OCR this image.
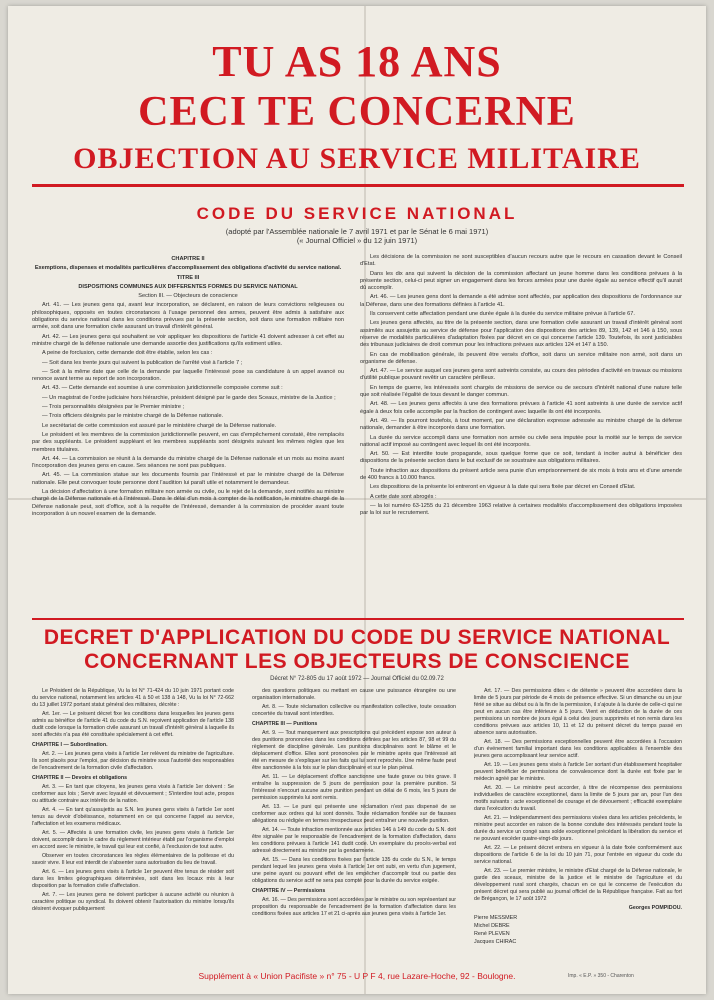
TU AS 18 ANS
CECI TE CONCERNE
OBJECTION AU SERVICE MILITAIRE
CODE DU SERVICE NATIONAL
(adopté par l'Assemblée nationale le 7 avril 1971 et par le Sénat le 6 mai 1971)
(« Journal Officiel » du 12 juin 1971)

CHAPITRE II

Exemptions, dispenses et modalités particulières d'accomplissement des obligations d'activité du service national.

TITRE III

DISPOSITIONS COMMUNES AUX DIFFERENTES FORMES DU SERVICE NATIONAL

Section III. — Objecteurs de conscience

Art. 41. — Les jeunes gens qui, avant leur incorporation, se déclarent, en raison de leurs convictions religieuses ou philosophiques, opposés en toutes circonstances à l'usage personnel des armes, peuvent être admis à satisfaire aux obligations du service national dans les conditions prévues par la présente section, soit dans une formation militaire non armée, soit dans une formation civile assurant un travail d'intérêt général.

Art. 42. — Les jeunes gens qui souhaitent se voir appliquer les dispositions de l'article 41 doivent adresser à cet effet au ministre chargé de la défense nationale une demande assortie des justifications qu'ils estiment utiles.

A peine de forclusion, cette demande doit être établie, selon les cas :

— Soit dans les trente jours qui suivent la publication de l'arrêté visé à l'article 7 ;

— Soit à la même date que celle de la demande par laquelle l'intéressé pose sa candidature à un appel avancé ou renonce avant terme au report de son incorporation.

Art. 43. — Cette demande est soumise à une commission juridictionnelle composée comme suit :

— Un magistrat de l'ordre judiciaire hors hiérarchie, président désigné par le garde des Sceaux, ministre de la Justice ;

— Trois personnalités désignées par le Premier ministre ;

— Trois officiers désignés par le ministre chargé de la Défense nationale.

Le secrétariat de cette commission est assuré par le ministère chargé de la Défense nationale.

Le président et les membres de la commission juridictionnelle peuvent, en cas d'empêchement constaté, être remplacés par des suppléants. Le président suppléant et les membres suppléants sont désignés suivant les mêmes règles que les membres titulaires.

Art. 44. — La commission se réunit à la demande du ministre chargé de la Défense nationale et un mois au moins avant l'incorporation des jeunes gens en cause. Ses séances ne sont pas publiques.

Art. 45. — La commission statue sur les documents fournis par l'intéressé et par le ministre chargé de la Défense nationale. Elle peut convoquer toute personne dont l'audition lui paraît utile et notamment le demandeur.

La décision d'affectation à une formation militaire non armée ou civile, ou le rejet de la demande, sont notifiés au ministre chargé de la Défense nationale et à l'intéressé. Dans le délai d'un mois à compter de la notification, le ministre chargé de la Défense nationale peut, soit d'office, soit à la requête de l'intéressé, demander à la commission de procéder avant toute incorporation à un nouvel examen de la demande.

Les décisions de la commission ne sont susceptibles d'aucun recours autre que le recours en cassation devant le Conseil d'Etat.

Dans les dix ans qui suivent la décision de la commission affectant un jeune homme dans les conditions prévues à la présente section, celui-ci peut signer un engagement dans les forces armées pour une durée égale au service effectif qu'il aurait dû accomplir.

Art. 46. — Les jeunes gens dont la demande a été admise sont affectés, par application des dispositions de l'ordonnance sur la Défense, dans une des formations définies à l'article 41.

Ils conservent cette affectation pendant une durée égale à la durée du service militaire prévue à l'article 67.

Les jeunes gens affectés, au titre de la présente section, dans une formation civile assurant un travail d'intérêt général sont assimilés aux assujettis au service de défense pour l'application des dispositions des articles 89, 139, 142 et 146 à 150, sous réserve de modalités particulières d'adaptation fixées par décret en ce qui concerne l'article 139. Toutefois, ils sont justiciables des tribunaux judiciaires de droit commun pour les infractions prévues aux articles 124 et 147 à 150.

En cas de mobilisation générale, ils peuvent être versés d'office, soit dans un service militaire non armé, soit dans un organisme de défense.

Art. 47. — Le service auquel ces jeunes gens sont astreints consiste, au cours des périodes d'activité en travaux ou missions d'utilité publique pouvant revêtir un caractère périlleux.

En temps de guerre, les intéressés sont chargés de missions de service ou de secours d'intérêt national d'une nature telle que soit réalisée l'égalité de tous devant le danger commun.

Art. 48. — Les jeunes gens affectés à une des formations prévues à l'article 41 sont astreints à une durée de service actif égale à deux fois celle accomplie par la fraction de contingent avec laquelle ils ont été incorporés.

Art. 49. — Ils pourront toutefois, à tout moment, par une déclaration expresse adressée au ministre chargé de la défense nationale, demander à être incorporés dans une formation.

La durée du service accompli dans une formation non armée ou civile sera imputée pour la moitié sur le temps de service national actif imposé au contingent avec lequel ils ont été incorporés.

Art. 50. — Est interdite toute propagande, sous quelque forme que ce soit, tendant à inciter autrui à bénéficier des dispositions de la présente section dans le but exclusif de se soustraire aux obligations militaires.

Toute infraction aux dispositions du présent article sera punie d'un emprisonnement de six mois à trois ans et d'une amende de 400 francs à 10.000 francs.

Les dispositions de la présente loi entreront en vigueur à la date qui sera fixée par décret en Conseil d'Etat.

A cette date sont abrogés :

— la loi numéro 63-1255 du 21 décembre 1963 relative à certaines modalités d'accomplissement des obligations imposées par la loi sur le recrutement.

DECRET D'APPLICATION DU CODE DU SERVICE NATIONAL
CONCERNANT LES OBJECTEURS DE CONSCIENCE
Décret N° 72-805 du 17 août 1972 — Journal Officiel du 02.09.72

Le Président de la République, Vu la loi N° 71-424 du 10 juin 1971 portant code du service national, notamment les articles 41 à 50 et 138 à 148, Vu la loi N° 72-662 du 13 juillet 1972 portant statut général des militaires, décrète :

Art. 1er. — Le présent décret fixe les conditions dans lesquelles les jeunes gens admis au bénéfice de l'article 41 du code du S.N. reçoivent application de l'article 138 dudit code lorsque la formation civile assurant un travail d'intérêt général à laquelle ils sont affectés n'a pas été constituée spécialement à cet effet.

CHAPITRE I — Subordination.

Art. 2. — Les jeunes gens visés à l'article 1er relèvent du ministre de l'agriculture. Ils sont placés pour l'emploi, par décision du ministre sous l'autorité des responsables de l'encadrement de la formation civile d'affectation.

CHAPITRE II — Devoirs et obligations

Art. 3. — En tant que citoyens, les jeunes gens visés à l'article 1er doivent : Se conformer aux lois ; Servir avec loyauté et dévouement ; S'interdire tout acte, propos ou attitude contraire aux intérêts de la nation.

Art. 4. — En tant qu'assujettis au S.N. les jeunes gens visés à l'article 1er sont tenus au devoir d'obéissance, notamment en ce qui concerne l'appel au service, l'affectation et les examens médicaux.

Art. 5. — Affectés à une formation civile, les jeunes gens visés à l'article 1er doivent, accomplir dans le cadre du règlement intérieur établi par l'organisme d'emploi en accord avec le ministre, le travail qui leur est confié, à l'exclusion de tout autre.

Observer en toutes circonstances les règles élémentaires de la politesse et du savoir vivre. Il leur est interdit de s'absenter sans autorisation du lieu de travail.

Art. 6. — Les jeunes gens visés à l'article 1er peuvent être tenus de résider soit dans les limites géographiques déterminées, soit dans les locaux mis à leur disposition par la formation civile d'affectation.

Art. 7. — Les jeunes gens ne doivent participer à aucune activité ou réunion à caractère politique ou syndical. Ils doivent obtenir l'autorisation du ministre lorsqu'ils désirent évoquer publiquement

des questions politiques ou mettant en cause une puissance étrangère ou une organisation internationale.

Art. 8. — Toute réclamation collective ou manifestation collective, toute cessation concertée du travail sont interdites.

CHAPITRE III — Punitions

Art. 9. — Tout manquement aux prescriptions qui précèdent expose son auteur à des punitions prononcées dans les conditions définies par les articles 87, 98 et 99 du règlement de discipline générale. Les punitions disciplinaires sont le blâme et le déplacement d'office. Elles sont prononcées par le ministre après que l'intéressé ait été en mesure de s'expliquer sur les faits qui lui sont reprochés. Une même faute peut être sanctionnée à la fois sur le plan disciplinaire et sur le plan pénal.

Art. 11. — Le déplacement d'office sanctionne une faute grave ou très grave. Il entraîne la suppression de 5 jours de permission pour la première punition. Si l'intéressé n'encourt aucune autre punition pendant un délai de 6 mois, les 5 jours de permission supprimés lui sont remis.

Art. 13. — Le puni qui présente une réclamation n'est pas dispensé de se conformer aux ordres qui lui sont donnés. Toute réclamation fondée sur de fausses allégations ou rédigée en termes irrespectueux peut entraîner une nouvelle punition.

Art. 14. — Toute infraction mentionnée aux articles 146 à 149 du code du S.N. doit être signalée par le responsable de l'encadrement de la formation d'affectation, dans les conditions prévues à l'article 141 dudit code. Un exemplaire du procès-verbal est adressé directement au ministre par la gendarmerie.

Art. 15. — Dans les conditions fixées par l'article 135 du code du S.N., le temps pendant lequel les jeunes gens visés à l'article 1er ont subi, en vertu d'un jugement, une peine ayant ou pouvant effet de les empêcher d'accomplir tout ou partie des obligations du service actif ne sera pas compté pour la durée du service exigée.

CHAPITRE IV — Permissions

Art. 16. — Des permissions sont accordées par le ministre ou son représentant sur proposition du responsable de l'encadrement de la formation d'affectation dans les conditions fixées aux articles 17 et 21 ci-après aux jeunes gens visés à l'article 1er.

Art. 17. — Des permissions dites « de détente » peuvent être accordées dans la limite de 5 jours par période de 4 mois de présence effective. Si un dimanche ou un jour férié se situe au début ou à la fin de la permission, il s'ajoute à la durée de celle-ci qui ne peut en aucun cas être inférieure à 5 jours. Vient en déduction de la durée de ces permissions un nombre de jours égal à celui des jours supprimés et non remis dans les conditions prévues aux articles 10, 11 et 12 du présent décret du temps passé en absence sans autorisation.

Art. 18. — Des permissions exceptionnelles peuvent être accordées à l'occasion d'un événement familial important dans les conditions applicables à l'ensemble des jeunes gens accomplissant leur service actif.

Art. 19. — Les jeunes gens visés à l'article 1er sortant d'un établissement hospitalier peuvent bénéficier de permissions de convalescence dont la durée est fixée par le médecin agréé par le ministre.

Art. 20. — Le ministre peut accorder, à titre de récompense des permissions individuelles de caractère exceptionnel, dans la limite de 5 jours par an, pour l'un des motifs suivants : acte exceptionnel de courage et de dévouement ; efficacité exemplaire dans l'exécution du travail.

Art. 21. — Indépendamment des permissions visées dans les articles précédents, le ministre peut accorder en raison de la bonne conduite des intéressés pendant toute la durée du service un congé sans solde exceptionnel précédant la libération du service et ne pouvant excéder quatre-vingt-dix jours.

Art. 22. — Le présent décret entrera en vigueur à la date fixée conformément aux dispositions de l'article 6 de la loi du 10 juin 71, pour l'entrée en vigueur du code du service national.

Art. 23. — Le premier ministre, le ministre d'Etat chargé de la Défense nationale, le garde des sceaux, ministre de la justice et le ministre de l'agriculture et du développement rural sont chargés, chacun en ce qui le concerne de l'exécution du présent décret qui sera publié au journal officiel de la République française. Fait au fort de Brégançon, le 17 août 1972

Georges POMPIDOU.

Pierre MESSMER
Michel DEBRE
René PLEVEN
Jacques CHIRAC
Supplément à « Union Pacifiste » n° 75 - U P F 4, rue Lazare-Hoche, 92 - Boulogne.	Imp. « E.P. » 350 - Charenton
